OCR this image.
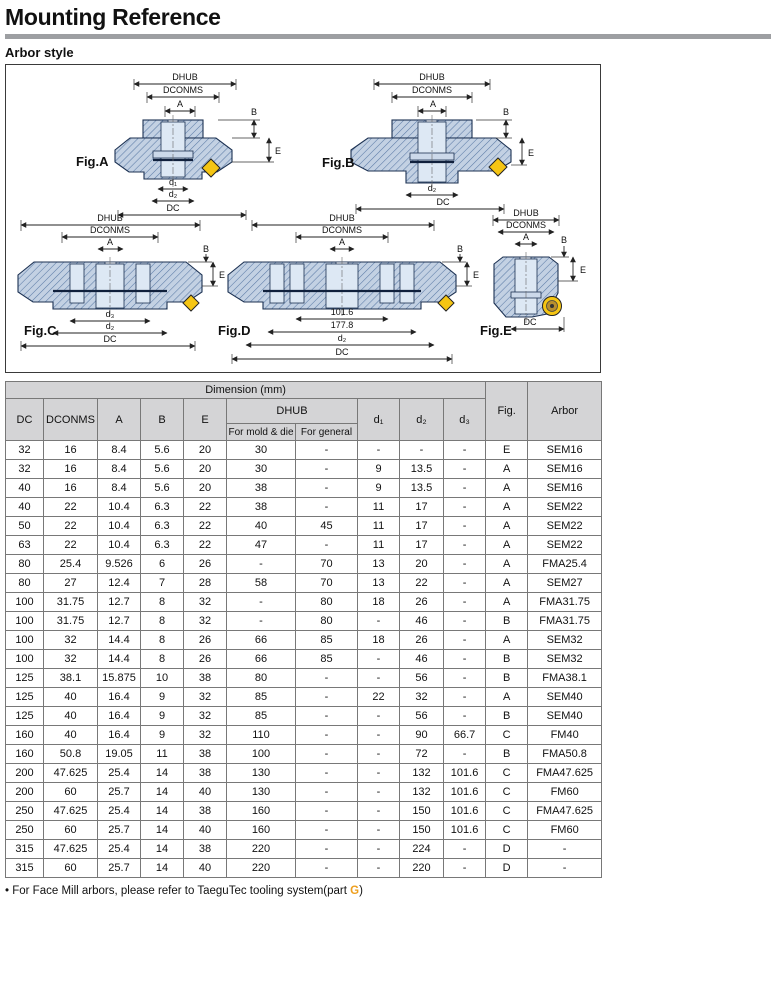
Mounting Reference
Arbor style
DHUB
DCONMS
A
B
E
d₁
d₂
DC
Fig.A
DHUB
DCONMS
A
B
E
d₂
DC
Fig.B
DHUB
DCONMS
A
B
E
d₃
d₂
DC
Fig.C
DHUB
DCONMS
A
B
E
101.6
177.8
d₂
DC
Fig.D
DHUB
DCONMS
A	B
E
DC
Fig.E
Dimension (mm)										Fig.	Arbor
DC	DCONMS	A	B	E	DHUB		d₁	d₂	d₃		
					For mold & die	For general					
32	16	8.4	5.6	20	30	-	-	-	-	E	SEM16
32	16	8.4	5.6	20	30	-	9	13.5	-	A	SEM16
40	16	8.4	5.6	20	38	-	9	13.5	-	A	SEM16
40	22	10.4	6.3	22	38	-	11	17	-	A	SEM22
50	22	10.4	6.3	22	40	45	11	17	-	A	SEM22
63	22	10.4	6.3	22	47	-	11	17	-	A	SEM22
80	25.4	9.526	6	26	-	70	13	20	-	A	FMA25.4
80	27	12.4	7	28	58	70	13	22	-	A	SEM27
100	31.75	12.7	8	32	-	80	18	26	-	A	FMA31.75
100	31.75	12.7	8	32	-	80	-	46	-	B	FMA31.75
100	32	14.4	8	26	66	85	18	26	-	A	SEM32
100	32	14.4	8	26	66	85	-	46	-	B	SEM32
125	38.1	15.875	10	38	80	-	-	56	-	B	FMA38.1
125	40	16.4	9	32	85	-	22	32	-	A	SEM40
125	40	16.4	9	32	85	-	-	56	-	B	SEM40
160	40	16.4	9	32	110	-	-	90	66.7	C	FM40
160	50.8	19.05	11	38	100	-	-	72	-	B	FMA50.8
200	47.625	25.4	14	38	130	-	-	132	101.6	C	FMA47.625
200	60	25.7	14	40	130	-	-	132	101.6	C	FM60
250	47.625	25.4	14	38	160	-	-	150	101.6	C	FMA47.625
250	60	25.7	14	40	160	-	-	150	101.6	C	FM60
315	47.625	25.4	14	38	220	-	-	224	-	D	-
315	60	25.7	14	40	220	-	-	220	-	D	-
• For Face Mill arbors, please refer to TaeguTec tooling system(part G)
